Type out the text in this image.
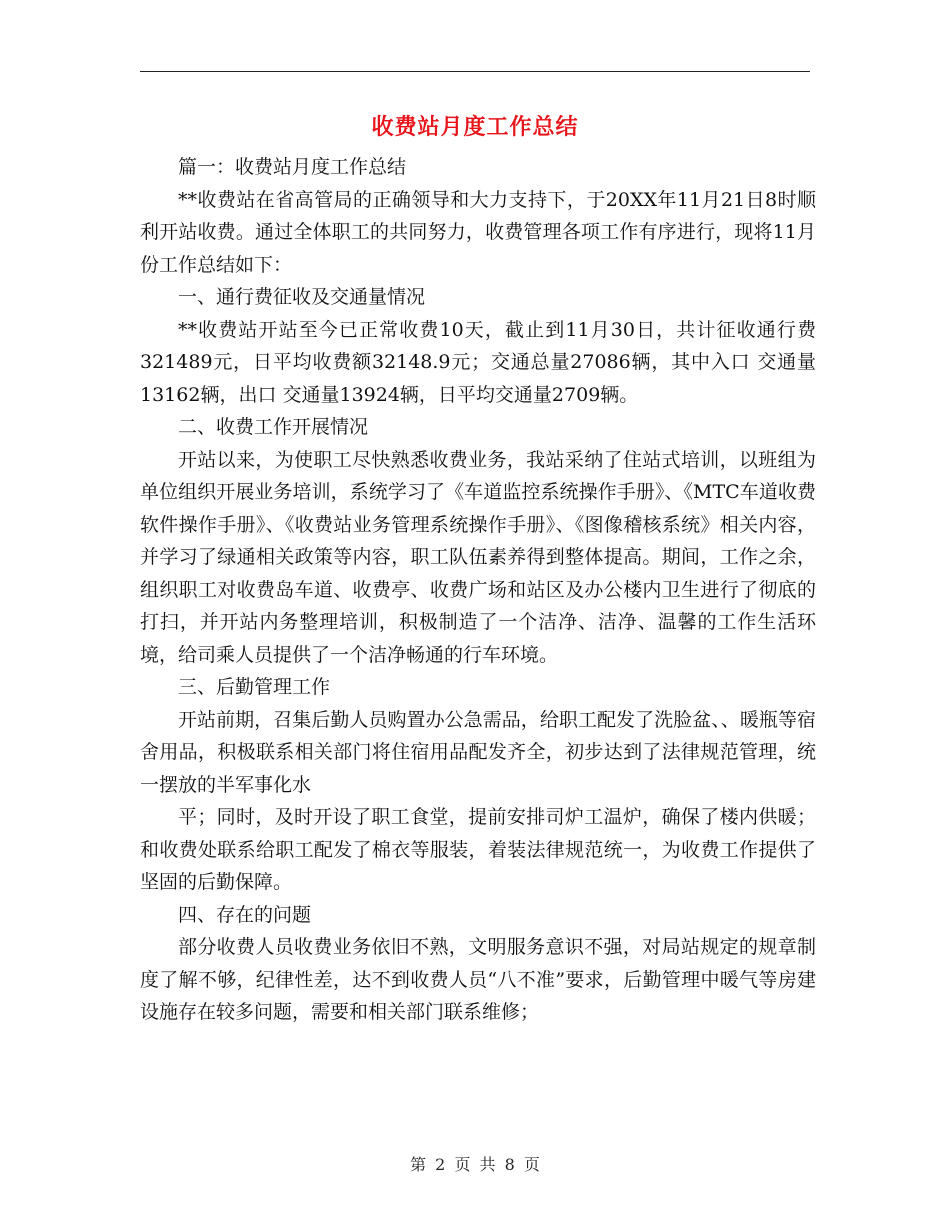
收费站月度工作总结

篇一：收费站月度工作总结

**收费站在省高管局的正确领导和大力支持下，于20XX年11月21日8时顺利开站收费。通过全体职工的共同努力，收费管理各项工作有序进行，现将11月份工作总结如下：

一、通行费征收及交通量情况

**收费站开站至今已正常收费10天，截止到11月30日，共计征收通行费321489元，日平均收费额32148.9元；交通总量27086辆，其中入口 交通量13162辆，出口 交通量13924辆，日平均交通量2709辆。

二、收费工作开展情况

开站以来，为使职工尽快熟悉收费业务，我站采纳了住站式培训，以班组为单位组织开展业务培训，系统学习了《车道监控系统操作手册》、《MTC车道收费软件操作手册》、《收费站业务管理系统操作手册》、《图像稽核系统》相关内容，并学习了绿通相关政策等内容，职工队伍素养得到整体提高。期间，工作之余，组织职工对收费岛车道、收费亭、收费广场和站区及办公楼内卫生进行了彻底的打扫，并开站内务整理培训，积极制造了一个洁净、洁净、温馨的工作生活环境，给司乘人员提供了一个洁净畅通的行车环境。

三、后勤管理工作

开站前期，召集后勤人员购置办公急需品，给职工配发了洗脸盆、、暖瓶等宿舍用品，积极联系相关部门将住宿用品配发齐全，初步达到了法律规范管理，统一摆放的半军事化水

平；同时，及时开设了职工食堂，提前安排司炉工温炉，确保了楼内供暖；和收费处联系给职工配发了棉衣等服装，着装法律规范统一，为收费工作提供了坚固的后勤保障。

四、存在的问题

部分收费人员收费业务依旧不熟，文明服务意识不强，对局站规定的规章制度了解不够，纪律性差，达不到收费人员“八不准”要求，后勤管理中暖气等房建设施存在较多问题，需要和相关部门联系维修；

第 2 页 共 8 页
